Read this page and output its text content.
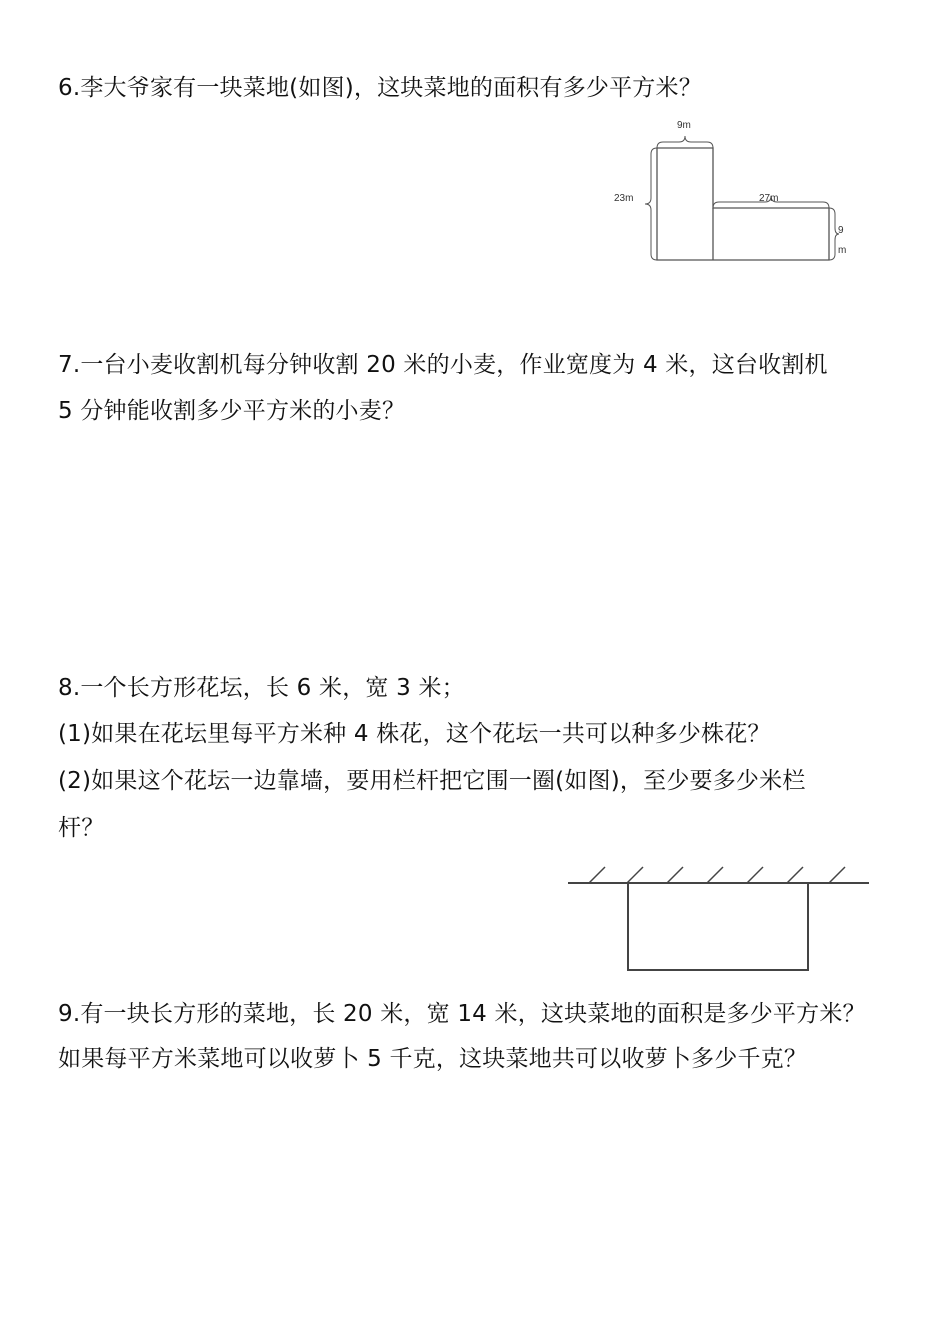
6.李大爷家有一块菜地(如图)，这块菜地的面积有多少平方米？
9m
23m	27m
9
m
7.一台小麦收割机每分钟收割 20 米的小麦，作业宽度为 4 米，这台收割机
5 分钟能收割多少平方米的小麦？
8.一个长方形花坛，长 6 米，宽 3 米；
(1)如果在花坛里每平方米种 4 株花，这个花坛一共可以种多少株花？
(2)如果这个花坛一边靠墙，要用栏杆把它围一圈(如图)，至少要多少米栏
杆？
9.有一块长方形的菜地，长 20 米，宽 14 米，这块菜地的面积是多少平方米？
如果每平方米菜地可以收萝卜 5 千克，这块菜地共可以收萝卜多少千克？
